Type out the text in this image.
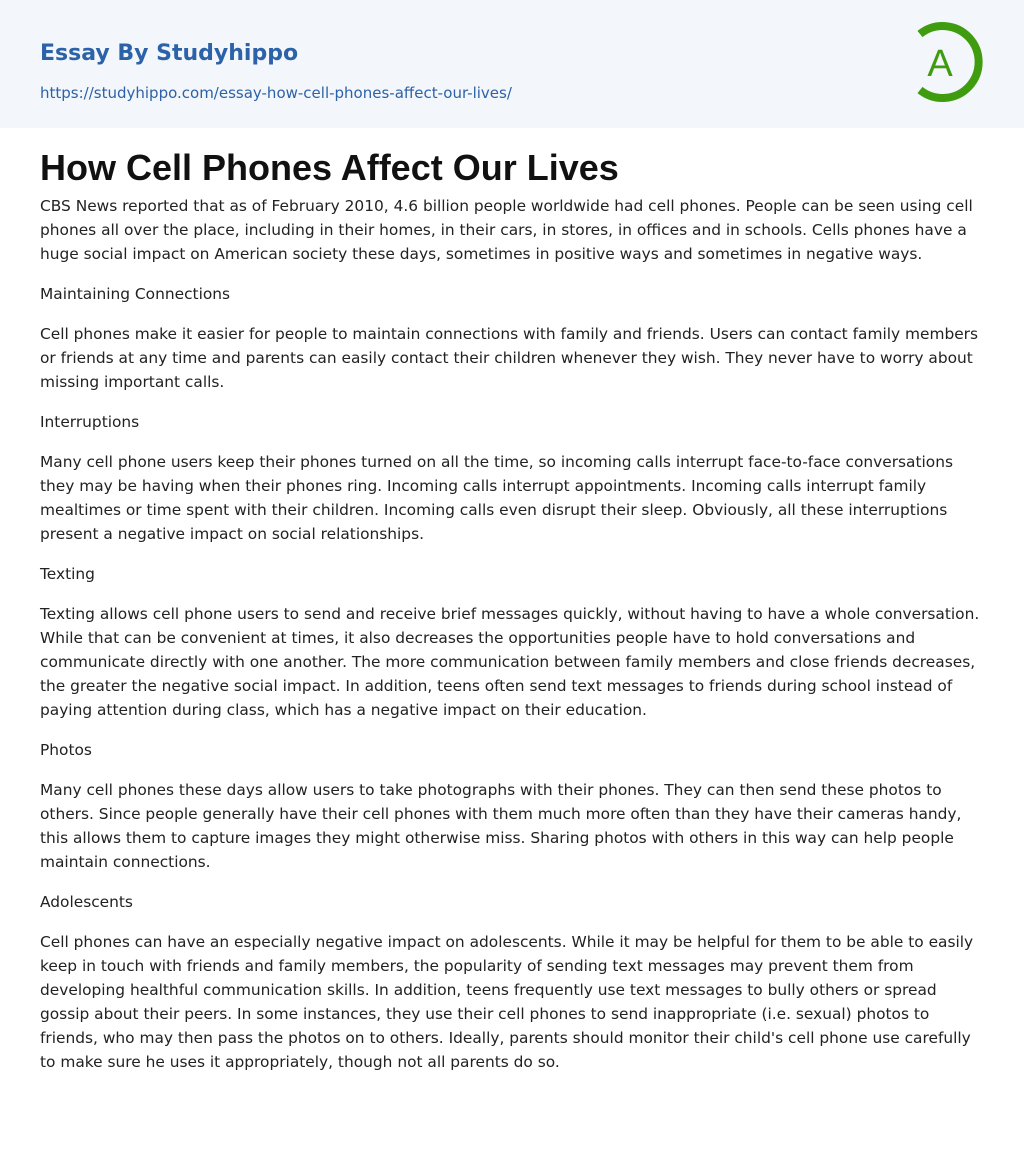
Essay By Studyhippo
https://studyhippo.com/essay-how-cell-phones-affect-our-lives/
A
How Cell Phones Affect Our Lives

CBS News reported that as of February 2010, 4.6 billion people worldwide had cell phones. People can be seen using cell phones all over the place, including in their homes, in their cars, in stores, in offices and in schools. Cells phones have a huge social impact on American society these days, sometimes in positive ways and sometimes in negative ways.

Maintaining Connections

Cell phones make it easier for people to maintain connections with family and friends. Users can contact family members or friends at any time and parents can easily contact their children whenever they wish. They never have to worry about missing important calls.

Interruptions

Many cell phone users keep their phones turned on all the time, so incoming calls interrupt face-to-face conversations they may be having when their phones ring. Incoming calls interrupt appointments. Incoming calls interrupt family mealtimes or time spent with their children. Incoming calls even disrupt their sleep. Obviously, all these interruptions present a negative impact on social relationships.

Texting

Texting allows cell phone users to send and receive brief messages quickly, without having to have a whole conversation. While that can be convenient at times, it also decreases the opportunities people have to hold conversations and communicate directly with one another. The more communication between family members and close friends decreases, the greater the negative social impact. In addition, teens often send text messages to friends during school instead of paying attention during class, which has a negative impact on their education.

Photos

Many cell phones these days allow users to take photographs with their phones. They can then send these photos to others. Since people generally have their cell phones with them much more often than they have their cameras handy, this allows them to capture images they might otherwise miss. Sharing photos with others in this way can help people maintain connections.

Adolescents

Cell phones can have an especially negative impact on adolescents. While it may be helpful for them to be able to easily keep in touch with friends and family members, the popularity of sending text messages may prevent them from developing healthful communication skills. In addition, teens frequently use text messages to bully others or spread gossip about their peers. In some instances, they use their cell phones to send inappropriate (i.e. sexual) photos to friends, who may then pass the photos on to others. Ideally, parents should monitor their child's cell phone use carefully to make sure he uses it appropriately, though not all parents do so.
